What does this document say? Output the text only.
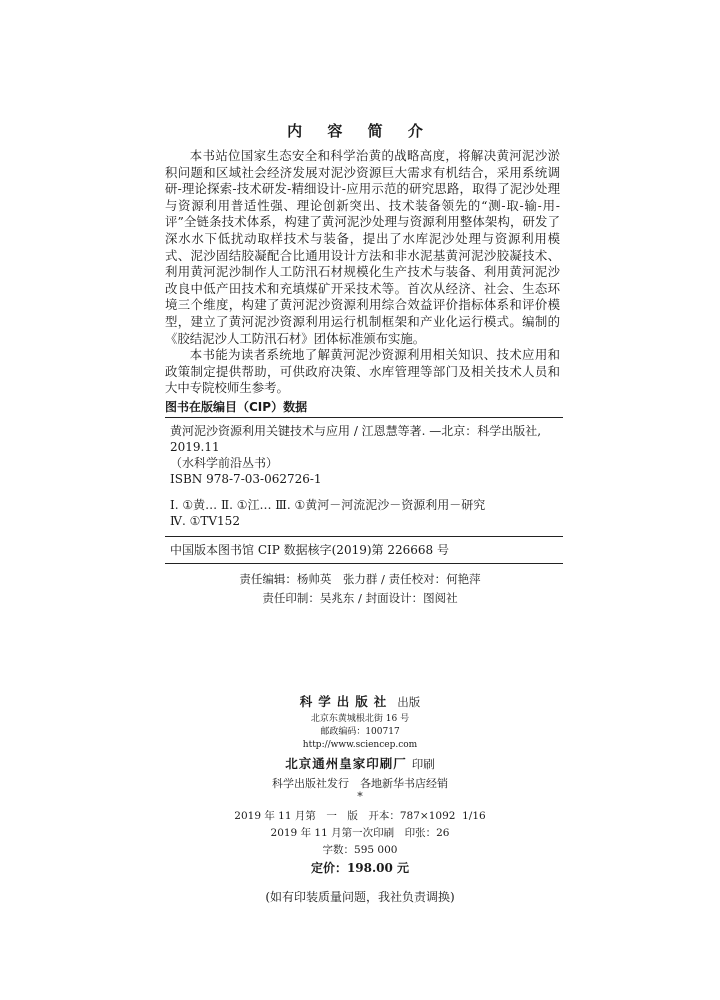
内 容 简 介

本书站位国家生态安全和科学治黄的战略高度，将解决黄河泥沙淤积问题和区域社会经济发展对泥沙资源巨大需求有机结合，采用系统调研-理论探索-技术研发-精细设计-应用示范的研究思路，取得了泥沙处理与资源利用普适性强、理论创新突出、技术装备领先的“测-取-输-用-评”全链条技术体系，构建了黄河泥沙处理与资源利用整体架构，研发了深水水下低扰动取样技术与装备，提出了水库泥沙处理与资源利用模式、泥沙固结胶凝配合比通用设计方法和非水泥基黄河泥沙胶凝技术、利用黄河泥沙制作人工防汛石材规模化生产技术与装备、利用黄河泥沙改良中低产田技术和充填煤矿开采技术等。首次从经济、社会、生态环境三个维度，构建了黄河泥沙资源利用综合效益评价指标体系和评价模型，建立了黄河泥沙资源利用运行机制框架和产业化运行模式。编制的《胶结泥沙人工防汛石材》团体标准颁布实施。

本书能为读者系统地了解黄河泥沙资源利用相关知识、技术应用和政策制定提供帮助，可供政府决策、水库管理等部门及相关技术人员和大中专院校师生参考。

图书在版编目（CIP）数据
黄河泥沙资源利用关键技术与应用 / 江恩慧等著. —北京：科学出版社,
2019.11
（水科学前沿丛书）
ISBN 978-7-03-062726-1
Ⅰ. ①黄… Ⅱ. ①江… Ⅲ. ①黄河－河流泥沙－资源利用－研究
Ⅳ. ①TV152
中国版本图书馆 CIP 数据核字(2019)第 226668 号
责任编辑：杨帅英　张力群 / 责任校对：何艳萍
责任印制：吴兆东 / 封面设计：图阅社
科学出版社 出版
北京东黄城根北街 16 号
邮政编码：100717
http://www.sciencep.com
北京通州皇家印刷厂 印刷
科学出版社发行　各地新华书店经销
*
2019 年 11 月第　一　版　开本：787×1092  1/16
2019 年 11 月第一次印刷　印张：26
字数：595 000
定价：198.00 元
(如有印装质量问题，我社负责调换)
